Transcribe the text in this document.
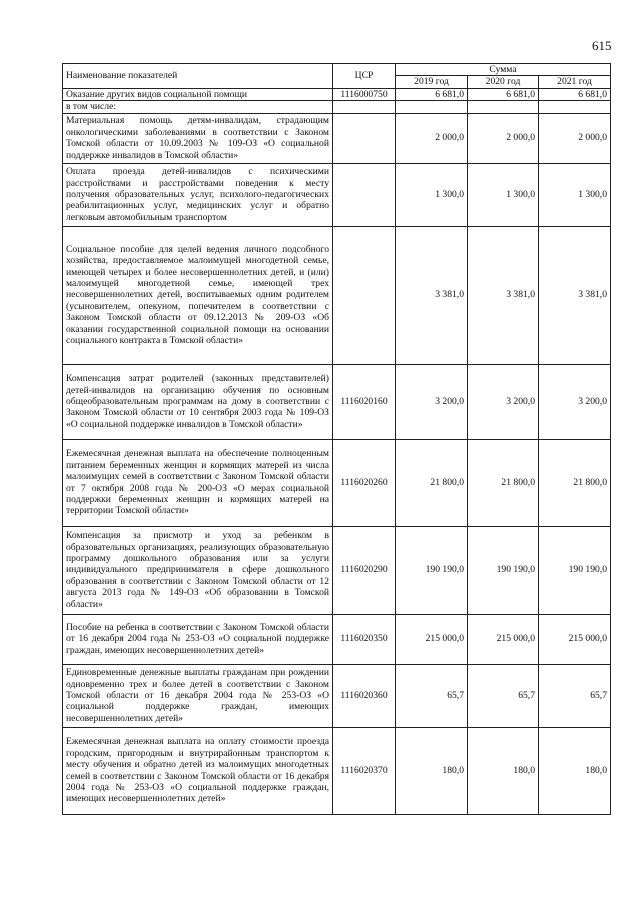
615
Наименование показателей	ЦСР	Сумма		
		2019 год	2020 год	2021 год
Оказание других видов социальной помощи	1116000750	6 681,0	6 681,0	6 681,0
в том числе:				
Материальная помощь детям-инвалидам, страдающим онкологическими заболеваниями в соответствии с Законом Томской области от 10.09.2003 № 109-ОЗ «О социальной поддержке инвалидов в Томской области»		2 000,0	2 000,0	2 000,0
Оплата проезда детей-инвалидов с психическими расстройствами и расстройствами поведения к месту получения образовательных услуг, психолого-педагогических реабилитационных услуг, медицинских услуг и обратно легковым автомобильным транспортом		1 300,0	1 300,0	1 300,0
Социальное пособие для целей ведения личного подсобного хозяйства, предоставляемое малоимущей многодетной семье, имеющей четырех и более несовершеннолетних детей, и (или) малоимущей многодетной семье, имеющей трех несовершеннолетних детей, воспитываемых одним родителем (усыновителем, опекуном, попечителем в соответствии с Законом Томской области от 09.12.2013 № 209-ОЗ «Об оказании государственной социальной помощи на основании социального контракта в Томской области»		3 381,0	3 381,0	3 381,0
Компенсация затрат родителей (законных представителей) детей-инвалидов на организацию обучения по основным общеобразовательным программам на дому в соответствии с Законом Томской области от 10 сентября 2003 года № 109-ОЗ «О социальной поддержке инвалидов в Томской области»	1116020160	3 200,0	3 200,0	3 200,0
Ежемесячная денежная выплата на обеспечение полноценным питанием беременных женщин и кормящих матерей из числа малоимущих семей в соответствии с Законом Томской области от 7 октября 2008 года № 200-ОЗ «О мерах социальной поддержки беременных женщин и кормящих матерей на территории Томской области»	1116020260	21 800,0	21 800,0	21 800,0
Компенсация за присмотр и уход за ребенком в образовательных организациях, реализующих образовательную программу дошкольного образования или за услуги индивидуального предпринимателя в сфере дошкольного образования в соответствии с Законом Томской области от 12 августа 2013 года № 149-ОЗ «Об образовании в Томской области»	1116020290	190 190,0	190 190,0	190 190,0
Пособие на ребенка в соответствии с Законом Томской области от 16 декабря 2004 года № 253-ОЗ «О социальной поддержке граждан, имеющих несовершеннолетних детей»	1116020350	215 000,0	215 000,0	215 000,0
Единовременные денежные выплаты гражданам при рождении одновременно трех и более детей в соответствии с Законом Томской области от 16 декабря 2004 года № 253-ОЗ «О социальной поддержке граждан, имеющих несовершеннолетних детей»	1116020360	65,7	65,7	65,7
Ежемесячная денежная выплата на оплату стоимости проезда городским, пригородным и внутрирайонным транспортом к месту обучения и обратно детей из малоимущих многодетных семей в соответствии с Законом Томской области от 16 декабря 2004 года № 253-ОЗ «О социальной поддержке граждан, имеющих несовершеннолетних детей»	1116020370	180,0	180,0	180,0
